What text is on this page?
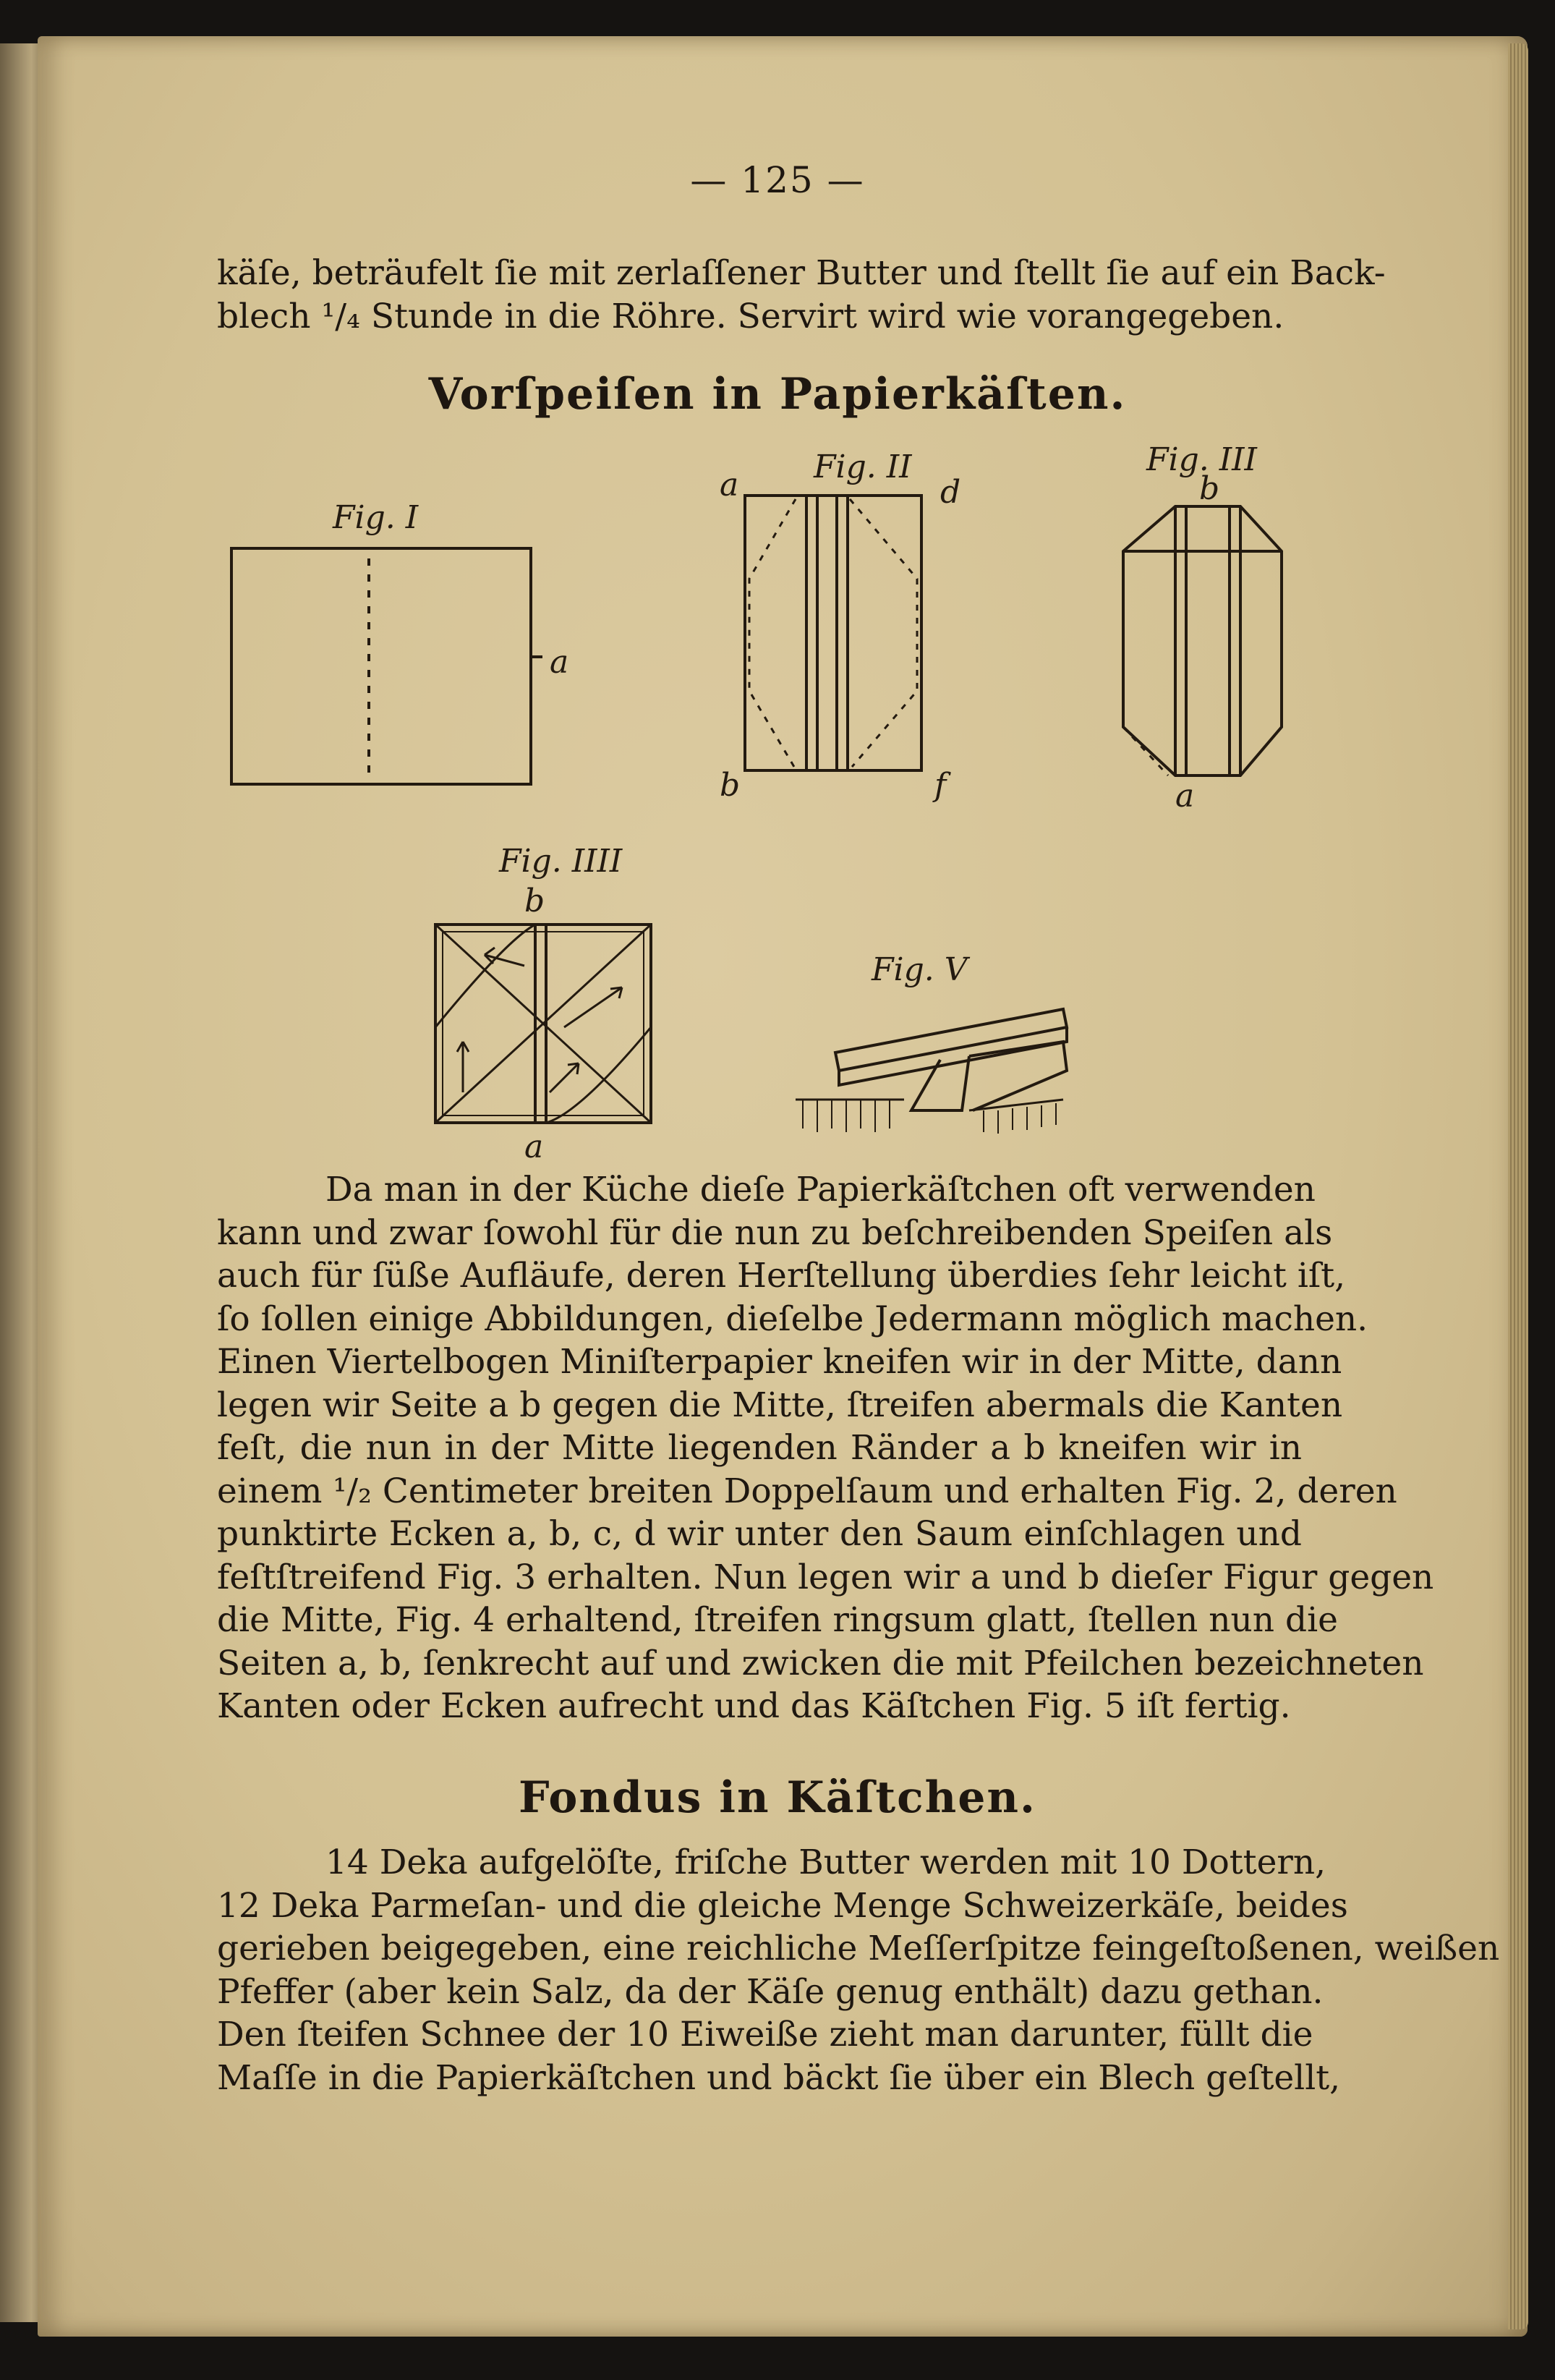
— 125 —
käſe, beträufelt ſie mit zerlaſſener Butter und ſtellt ſie auf ein Back-
blech ¹/₄ Stunde in die Röhre. Servirt wird wie vorangegeben.
Vorſpeiſen in Papierkäſten.
Fig. I
a
Fig. II
a	d
b	f
Fig. III
b
a
Fig. IIII
b
a
Fig. V
Da man in der Küche dieſe Papierkäſtchen oft verwenden
kann und zwar ſowohl für die nun zu beſchreibenden Speiſen als
auch für ſüße Aufläufe, deren Herſtellung überdies ſehr leicht iſt,
ſo ſollen einige Abbildungen, dieſelbe Jedermann möglich machen.
Einen Viertelbogen Miniſterpapier kneifen wir in der Mitte, dann
legen wir Seite a b gegen die Mitte, ſtreifen abermals die Kanten
feſt, die nun in der Mitte liegenden Ränder a b kneifen wir in
einem ¹/₂ Centimeter breiten Doppelſaum und erhalten Fig. 2, deren
punktirte Ecken a, b, c, d wir unter den Saum einſchlagen und
feſtſtreifend Fig. 3 erhalten. Nun legen wir a und b dieſer Figur gegen
die Mitte, Fig. 4 erhaltend, ſtreifen ringsum glatt, ſtellen nun die
Seiten a, b, ſenkrecht auf und zwicken die mit Pfeilchen bezeichneten
Kanten oder Ecken aufrecht und das Käſtchen Fig. 5 iſt fertig.
Fondus in Käſtchen.
14 Deka aufgelöſte, friſche Butter werden mit 10 Dottern,
12 Deka Parmeſan- und die gleiche Menge Schweizerkäſe, beides
gerieben beigegeben, eine reichliche Meſſerſpitze feingeſtoßenen, weißen
Pfeffer (aber kein Salz, da der Käſe genug enthält) dazu gethan.
Den ſteifen Schnee der 10 Eiweiße zieht man darunter, füllt die
Maſſe in die Papierkäſtchen und bäckt ſie über ein Blech geſtellt,
